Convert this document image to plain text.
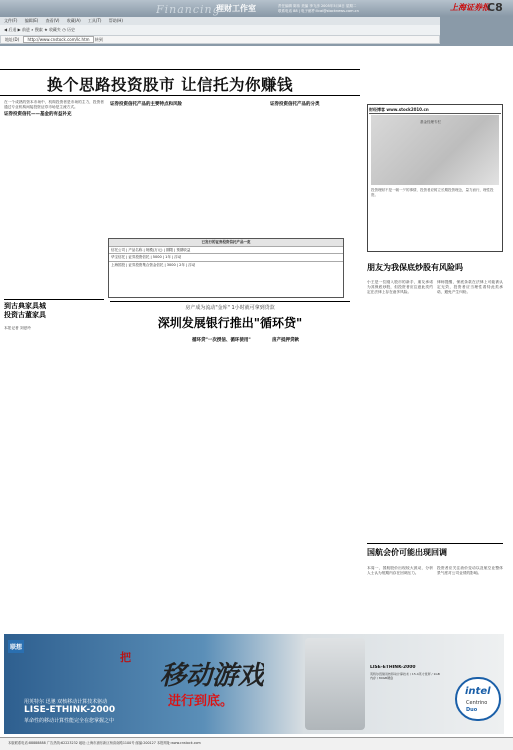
Financing
理财工作室	责任编辑 陈伟 美编 李飞彦 2005年5月8日 星期二
联系电话 88 | 电子邮件:licai@stocknews.com.cn	上海证券报
C8
文件(F) 编辑(E) 查看(V) 收藏(A) 工具(T) 帮助(H)
◀ 后退 ▶ 前进 ⌕ 搜索 ★ 收藏夹 ◷ 历史
地址(D) http://www.cnstock.com/lc.htm 转到
换个思路投资股市 让信托为你赚钱

在一个成熟的资本市场中，机构投资者是市场的主力，投资者通过专业机构间接投资证券市场是主流方式。

证券投资信托——基金的有益补充
证券投资信托产品的主要特点和风险	证券投资信托产品的分类
已发行的证券投资信托产品一览
信托公司 | 产品名称 | 规模(万元) | 期限 | 预期收益
华宝信托 | 证券投资信托 | 5000 | 1年 | 浮动
上海国投 | 证券投资集合资金信托 | 3000 | 2年 | 浮动
到古典家具城
投资古董家具
本报记者 刘爱玲
房产成为流动"金库" 1小时就可拿到贷款
深圳发展银行推出"循环贷"
循环贷"一次授信、循环使用"	房产抵押贷款
财经博客 www.stock2010.cn
基金经理专栏
投资理财不是一朝一夕的事情，投资者应树立长期投资理念，量力而行，理性投资。
朋友为我保底炒股有风险吗
小王是一位刚入股市的新手，朋友承诺为其保底炒股，但投资者应注意此类约定在法律上存在诸多风险。
律师提醒，保底条款在法律上可能被认定无效，投资者应当理性看待此类承诺，避免产生纠纷。
国航会价可能出现回调
本周一，国航股价出现较大波动，分析人士认为短期内存在回调压力。
投资者应关注油价变动以及航空业整体景气度对公司业绩的影响。
联想
把
移动游戏
进行到底。
用英特尔 迅驰 双核移动计算技术驱动
LISE-ETHINK-2000
革命性的移动计算性能完全在您掌握之中
LISE-ETHINK-2000
英特尔迅驰双核移动计算技术 / 15.4英寸宽屏 / 1GB内存 / 80GB硬盘
intel
Centrino
Duo
本版联系电话:88888888 广告热线:62223232 地址:上海市浦东新区杨高南路1100号 邮编:200127 本报网址:www.cnstock.com
